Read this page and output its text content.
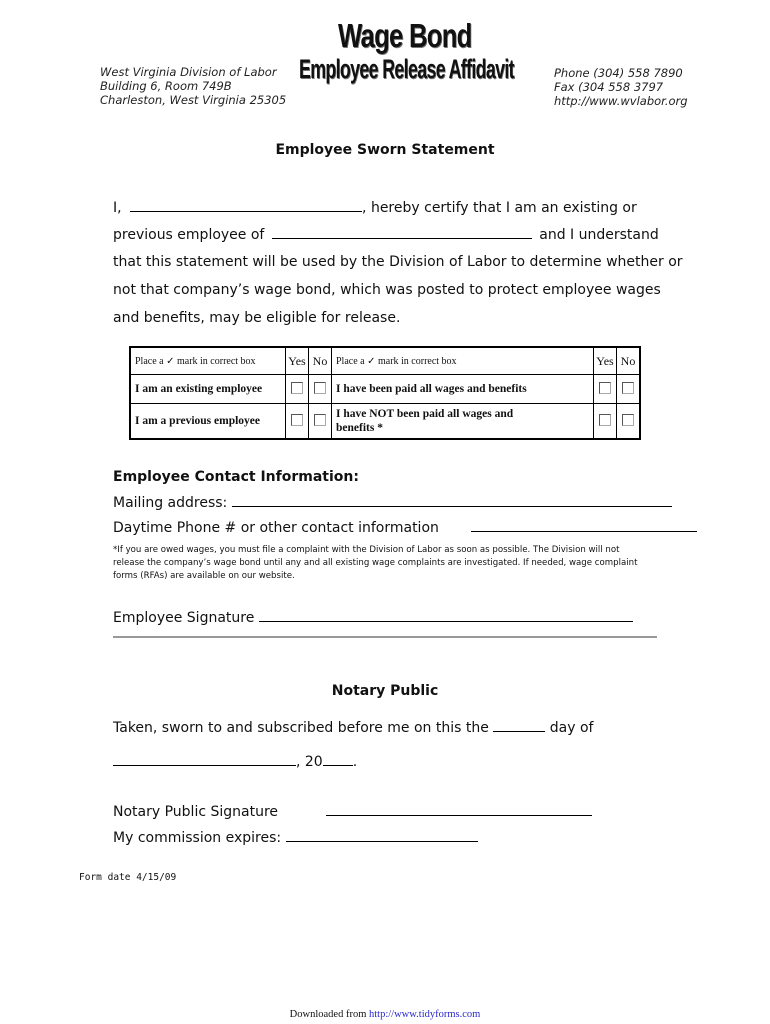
West Virginia Division of Labor
Building 6, Room 749B
Charleston, West Virginia 25305
Wage Bond
Employee Release Affidavit	Phone (304) 558 7890
Fax (304 558 3797
http://www.wvlabor.org
Employee Sworn Statement
I,	, hereby certify that I am an existing or
previous employee of	and I understand
that this statement will be used by the Division of Labor to determine whether or
not that company’s wage bond, which was posted to protect employee wages
and benefits, may be eligible for release.
Place a ✓ mark in correct box	Yes	No	Place a ✓ mark in correct box	Yes	No
I am an existing employee			I have been paid all wages and benefits		
I am a previous employee			I have NOT been paid all wages and
benefits *		

Employee Contact Information:
Mailing address:
Daytime Phone # or other contact information
*If you are owed wages, you must file a complaint with the Division of Labor as soon as possible. The Division will not
release the company’s wage bond until any and all existing wage complaints are investigated. If needed, wage complaint
forms (RFAs) are available on our website.
Employee Signature
Notary Public
Taken, sworn to and subscribed before me on this the	day of
, 20 .
Notary Public Signature
My commission expires:
Form date 4/15/09
Downloaded from http://www.tidyforms.com
